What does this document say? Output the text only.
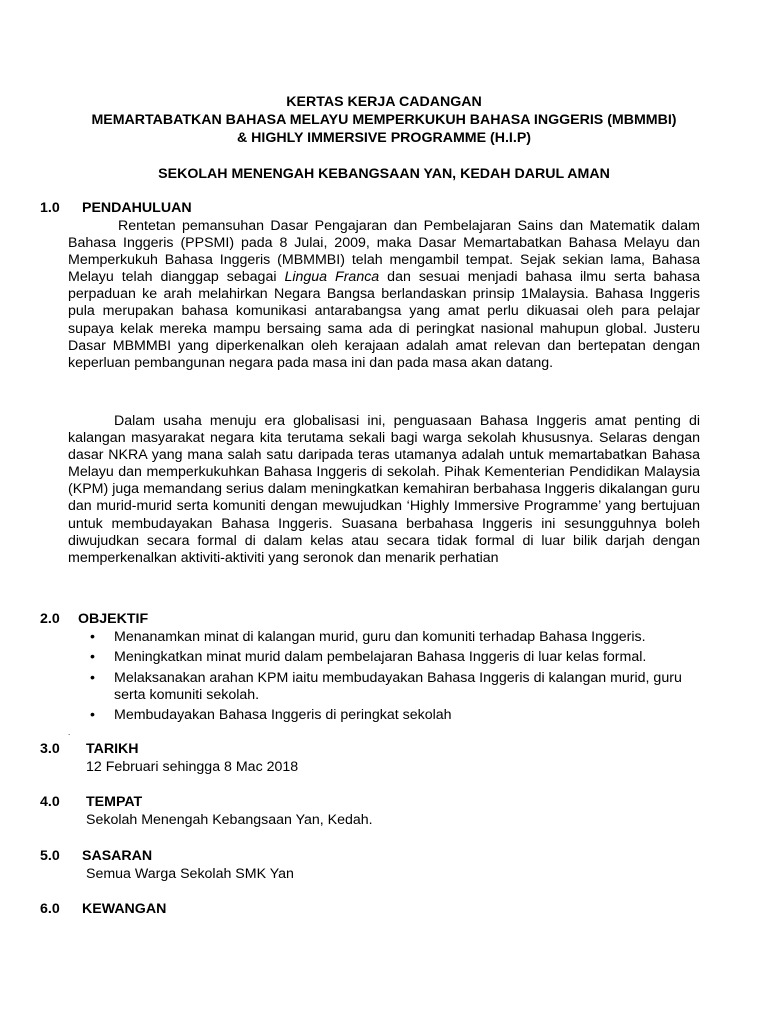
KERTAS KERJA CADANGAN
MEMARTABATKAN BAHASA MELAYU MEMPERKUKUH BAHASA INGGERIS (MBMMBI)
& HIGHLY IMMERSIVE PROGRAMME (H.I.P)
SEKOLAH MENENGAH KEBANGSAAN YAN, KEDAH DARUL AMAN
1.0 PENDAHULUAN

Rentetan pemansuhan Dasar Pengajaran dan Pembelajaran Sains dan Matematik dalam Bahasa Inggeris (PPSMI) pada 8 Julai, 2009, maka Dasar Memartabatkan Bahasa Melayu dan Memperkukuh Bahasa Inggeris (MBMMBI) telah mengambil tempat. Sejak sekian lama, Bahasa Melayu telah dianggap sebagai Lingua Franca dan sesuai menjadi bahasa ilmu serta bahasa perpaduan ke arah melahirkan Negara Bangsa berlandaskan prinsip 1Malaysia. Bahasa Inggeris pula merupakan bahasa komunikasi antarabangsa yang amat perlu dikuasai oleh para pelajar supaya kelak mereka mampu bersaing sama ada di peringkat nasional mahupun global. Justeru Dasar MBMMBI yang diperkenalkan oleh kerajaan adalah amat relevan dan bertepatan dengan keperluan pembangunan negara pada masa ini dan pada masa akan datang.

Dalam usaha menuju era globalisasi ini, penguasaan Bahasa Inggeris amat penting di kalangan masyarakat negara kita terutama sekali bagi warga sekolah khususnya. Selaras dengan dasar NKRA yang mana salah satu daripada teras utamanya adalah untuk memartabatkan Bahasa Melayu dan memperkukuhkan Bahasa Inggeris di sekolah. Pihak Kementerian Pendidikan Malaysia (KPM) juga memandang serius dalam meningkatkan kemahiran berbahasa Inggeris dikalangan guru dan murid-murid serta komuniti dengan mewujudkan ‘Highly Immersive Programme’ yang bertujuan untuk membudayakan Bahasa Inggeris. Suasana berbahasa Inggeris ini sesungguhnya boleh diwujudkan secara formal di dalam kelas atau secara tidak formal di luar bilik darjah dengan memperkenalkan aktiviti-aktiviti yang seronok dan menarik perhatian

2.0 OBJEKTIF
• Menanamkan minat di kalangan murid, guru dan komuniti terhadap Bahasa Inggeris.
• Meningkatkan minat murid dalam pembelajaran Bahasa Inggeris di luar kelas formal.
• Melaksanakan arahan KPM iaitu membudayakan Bahasa Inggeris di kalangan murid, guru serta komuniti sekolah.
• Membudayakan Bahasa Inggeris di peringkat sekolah
.
3.0 TARIKH
12 Februari sehingga 8 Mac 2018
4.0 TEMPAT
Sekolah Menengah Kebangsaan Yan, Kedah.
5.0 SASARAN
Semua Warga Sekolah SMK Yan
6.0 KEWANGAN
